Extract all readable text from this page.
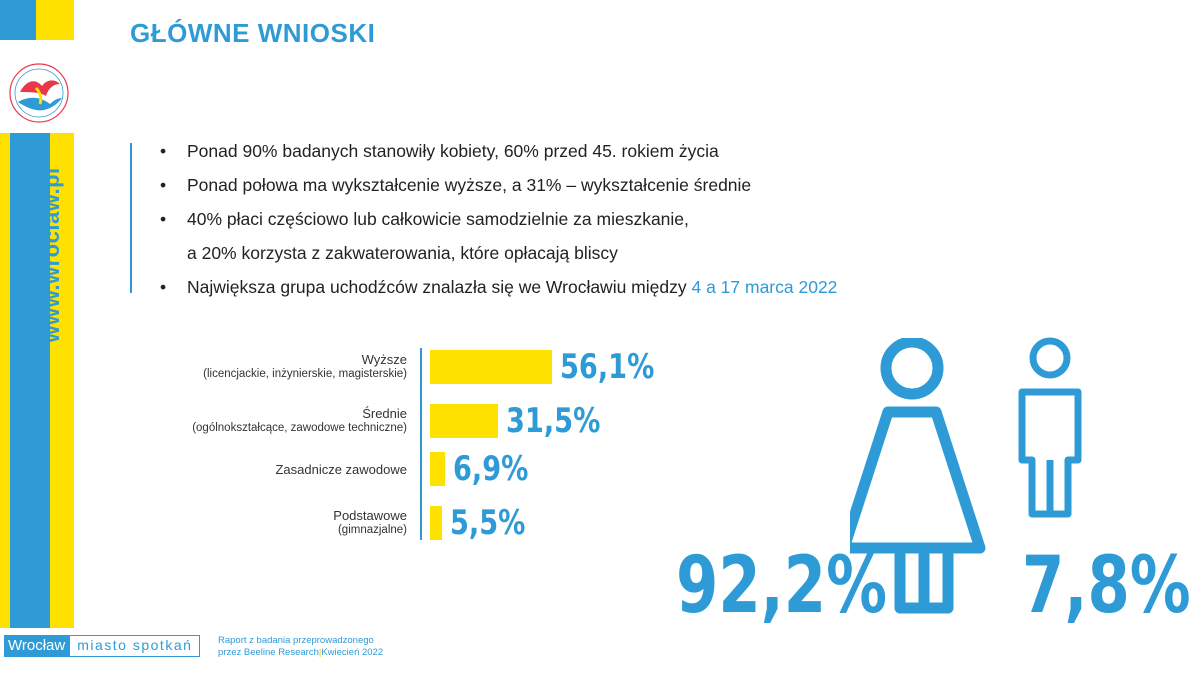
www.wroclaw.pl
GŁÓWNE WNIOSKI
• Ponad 90% badanych stanowiły kobiety, 60% przed 45. rokiem życia
• Ponad połowa ma wykształcenie wyższe, a 31% – wykształcenie średnie
• 40% płaci częściowo lub całkowicie samodzielnie za mieszkanie,
a 20% korzysta z zakwaterowania, które opłacają bliscy
• Największa grupa uchodźców znalazła się we Wrocławiu między 4 a 17 marca 2022
Wyższe
(licencjackie, inżynierskie, magisterskie)	56,1%
Średnie
(ogólnokształcące, zawodowe techniczne)	31,5%
Zasadnicze zawodowe 6,9%
Podstawowe
(gimnazjalne) 5,5%
92,2% 7,8%
Wrocław miasto spotkań	Raport z badania przeprowadzonego
przez Beeline Research|Kwiecień 2022
